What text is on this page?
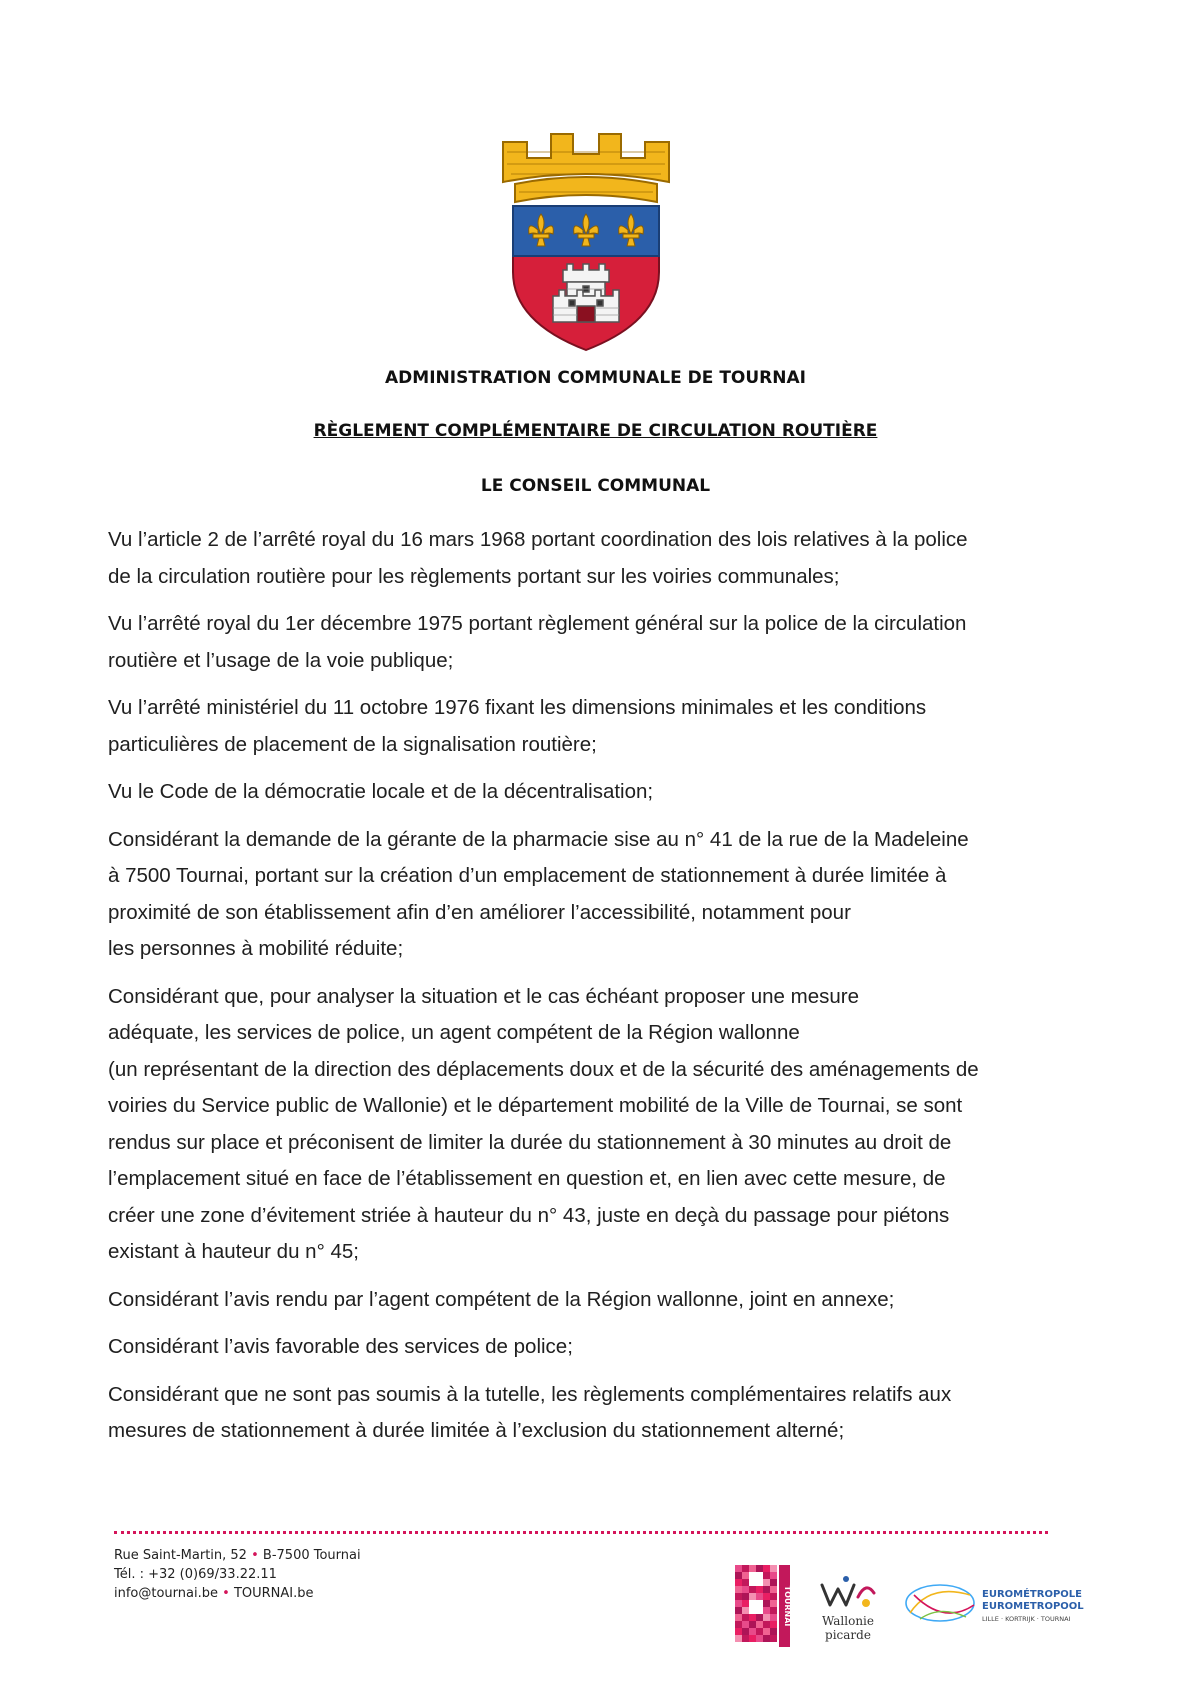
ADMINISTRATION COMMUNALE DE TOURNAI
RÈGLEMENT COMPLÉMENTAIRE DE CIRCULATION ROUTIÈRE
LE CONSEIL COMMUNAL

Vu l’article 2 de l’arrêté royal du 16 mars 1968 portant coordination des lois relatives à la police
de la circulation routière pour les règlements portant sur les voiries communales;

Vu l’arrêté royal du 1er décembre 1975 portant règlement général sur la police de la circulation
routière et l’usage de la voie publique;

Vu l’arrêté ministériel du 11 octobre 1976 fixant les dimensions minimales et les conditions
particulières de placement de la signalisation routière;

Vu le Code de la démocratie locale et de la décentralisation;

Considérant la demande de la gérante de la pharmacie sise au n° 41 de la rue de la Madeleine
à 7500 Tournai, portant sur la création d’un emplacement de stationnement à durée limitée à
proximité de son établissement afin d’en améliorer l’accessibilité, notamment pour
les personnes à mobilité réduite;

Considérant que, pour analyser la situation et le cas échéant proposer une mesure
adéquate, les services de police, un agent compétent de la Région wallonne
(un représentant de la direction des déplacements doux et de la sécurité des aménagements de
voiries du Service public de Wallonie) et le département mobilité de la Ville de Tournai, se sont
rendus sur place et préconisent de limiter la durée du stationnement à 30 minutes au droit de
l’emplacement situé en face de l’établissement en question et, en lien avec cette mesure, de
créer une zone d’évitement striée à hauteur du n° 43, juste en deçà du passage pour piétons
existant à hauteur du n° 45;

Considérant l’avis rendu par l’agent compétent de la Région wallonne, joint en annexe;

Considérant l’avis favorable des services de police;

Considérant que ne sont pas soumis à la tutelle, les règlements complémentaires relatifs aux
mesures de stationnement à durée limitée à l’exclusion du stationnement alterné;

Rue Saint-Martin, 52 • B-7500 Tournai
Tél. : +32 (0)69/33.22.11
info@tournai.be • TOURNAI.be	TOURNAI Wallonie
picarde
EUROMÉTROPOLE
EUROMETROPOOL
LILLE · KORTRIJK · TOURNAI
